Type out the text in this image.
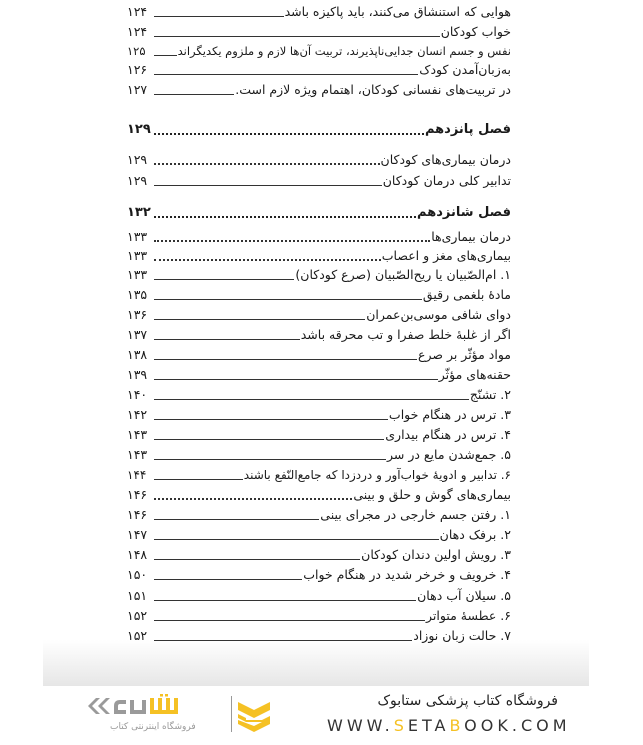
هوایی که استنشاق می‌کنند، باید پاکیزه باشد
۱۲۴
خواب کودکان
۱۲۴
نفس و جسم انسان جدایی‌ناپذیرند، تربیت آن‌ها لازم و ملزوم یکدیگراند
۱۲۵
به‌زبان‌آمدن کودک
۱۲۶
در تربیت‌های نفسانی کودکان، اهتمام ویژه لازم است.
۱۲۷
فصل پانزدهم
۱۲۹
درمان بیماری‌های کودکان
۱۲۹
تدابیر کلی درمان کودکان
۱۲۹
فصل شانزدهم
۱۳۲
درمان بیماری‌ها
۱۳۳
بیماری‌های مغز و اعصاب
۱۳۳
۱. ام‌الصّبیان یا ریح‌الصّبیان (صرع کودکان)
۱۳۳
مادهٔ بلغمی رقیق
۱۳۵
دوای شافی موسی‌بن‌عمران
۱۳۶
اگر از غلبهٔ خلط صفرا و تب محرقه باشد
۱۳۷
مواد مؤثّر بر صرع
۱۳۸
حقنه‌های مؤثّر
۱۳۹
۲. تشنّج
۱۴۰
۳. ترس در هنگام خواب
۱۴۲
۴. ترس در هنگام بیداری
۱۴۳
۵. جمع‌شدن مایع در سر
۱۴۳
۶. تدابیر و ادویهٔ خواب‌آور و دردزدا که جامع‌النّفع باشند
۱۴۴
بیماری‌های گوش و حلق و بینی
۱۴۶
۱. رفتن جسم خارجی در مجرای بینی
۱۴۶
۲. برفک دهان
۱۴۷
۳. رویش اولین دندان کودکان
۱۴۸
۴. خرویف و خرخر شدید در هنگام خواب
۱۵۰
۵. سیلان آب دهان
۱۵۱
۶. عطسهٔ متواتر
۱۵۲
۷. حالت زبان نوزاد
۱۵۲
فروشگاه اینترنتی کتاب
فروشگاه کتاب پزشکی ستابوک
WWW.SETABOOK.COM
